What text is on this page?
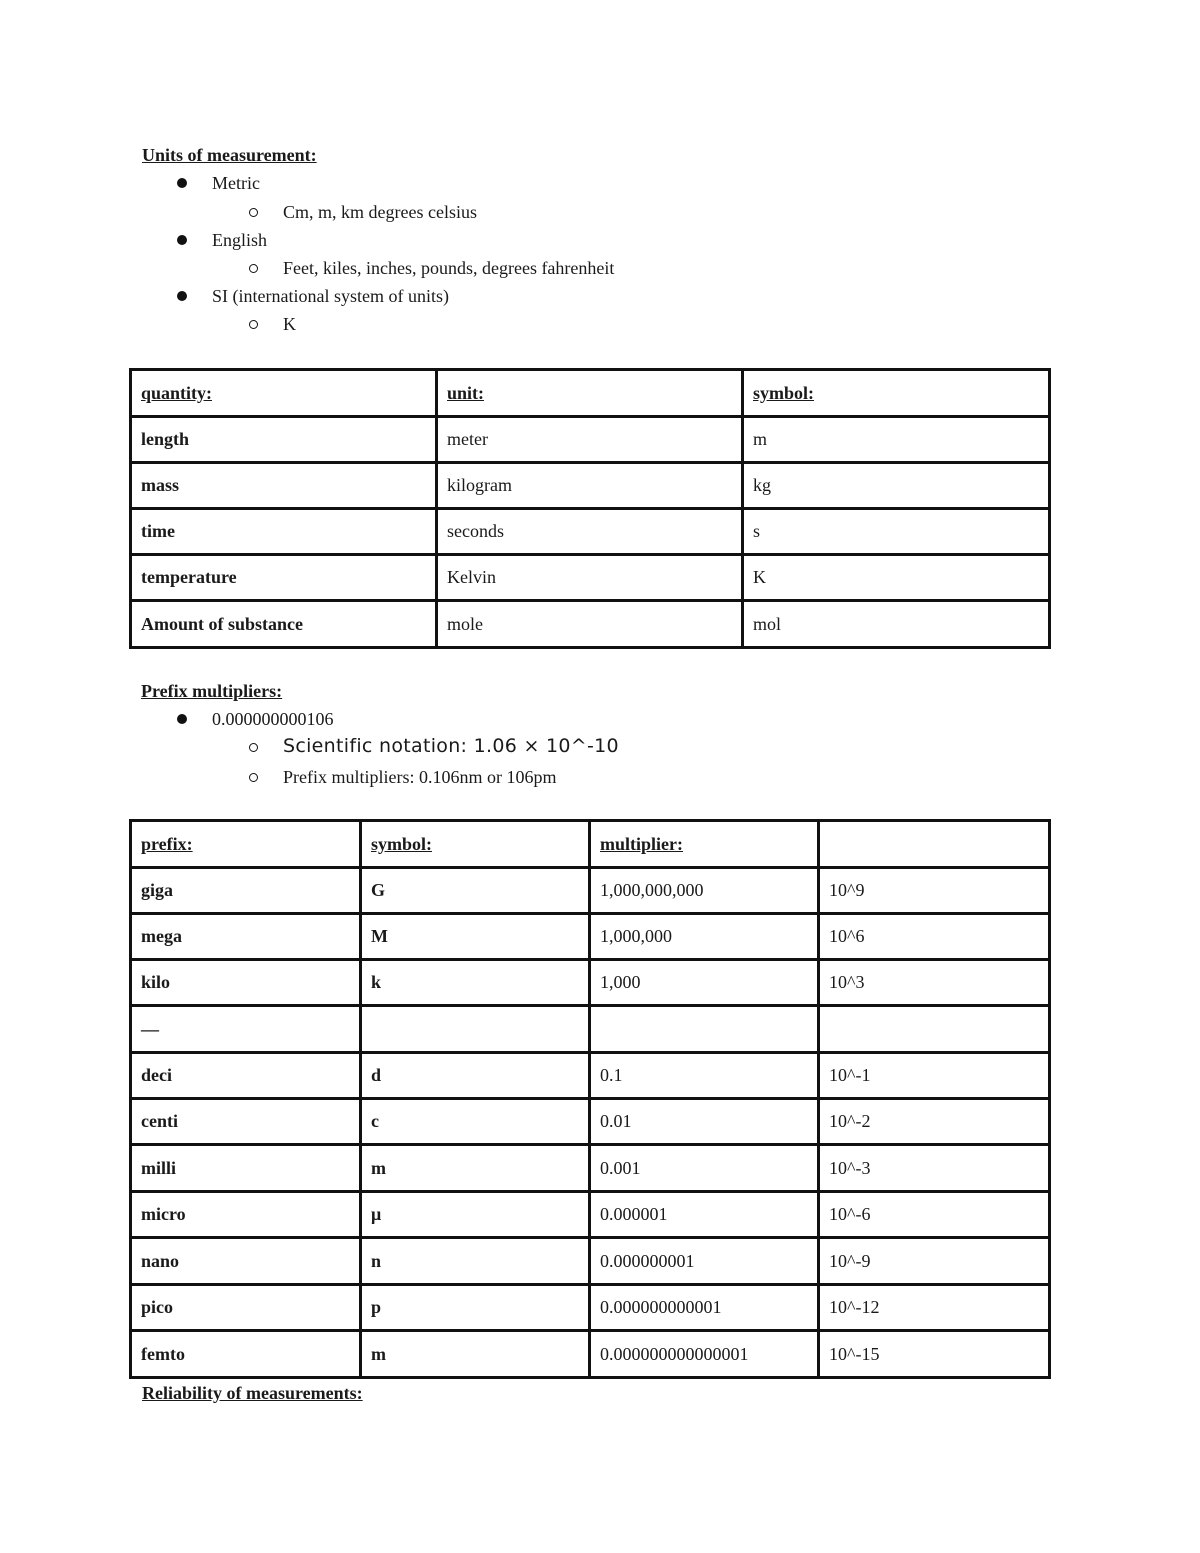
Units of measurement:
Metric
Cm, m, km degrees celsius
English
Feet, kiles, inches, pounds, degrees fahrenheit
SI (international system of units)
K
quantity:	unit:	symbol:
length	meter	m
mass	kilogram	kg
time	seconds	s
temperature	Kelvin	K
Amount of substance	mole	mol
Prefix multipliers:
0.000000000106
Scientific notation: 1.06 × 10^-10
Prefix multipliers: 0.106nm or 106pm
prefix:	symbol:	multiplier:	
giga	G	1,000,000,000	10^9
mega	M	1,000,000	10^6
kilo	k	1,000	10^3
—			
deci	d	0.1	10^-1
centi	c	0.01	10^-2
milli	m	0.001	10^-3
micro	μ	0.000001	10^-6
nano	n	0.000000001	10^-9
pico	p	0.000000000001	10^-12
femto	m	0.000000000000001	10^-15
Reliability of measurements:
